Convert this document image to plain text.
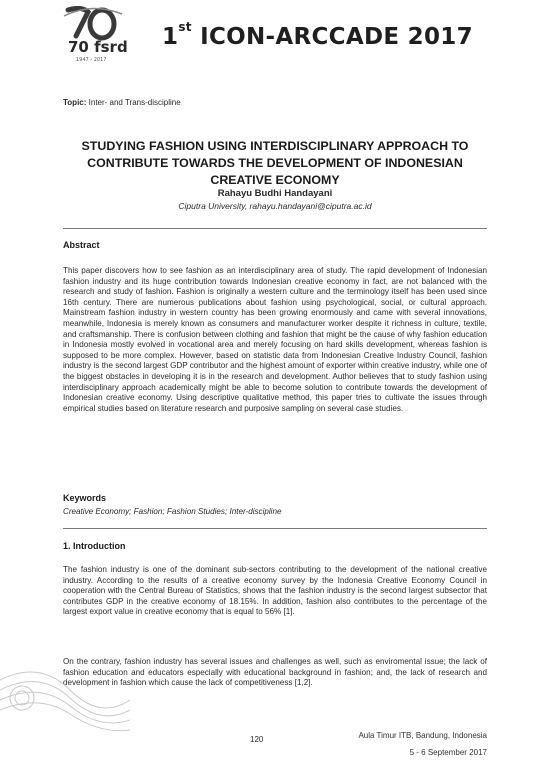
70 fsrd
1947 - 2017
1st ICON-ARCCADE 2017
Topic: Inter- and Trans-discipline
STUDYING FASHION USING INTERDISCIPLINARY APPROACH TO
CONTRIBUTE TOWARDS THE DEVELOPMENT OF INDONESIAN
CREATIVE ECONOMY
Rahayu Budhi Handayani
Ciputra University, rahayu.handayani@ciputra.ac.id
Abstract

This paper discovers how to see fashion as an interdisciplinary area of study. The rapid development of Indonesian fashion industry and its huge contribution towards Indonesian creative economy in fact, are not balanced with the research and study of fashion. Fashion is originally a western culture and the terminology itself has been used since 16th century. There are numerous publications about fashion using psychological, social, or cultural approach. Mainstream fashion industry in western country has been growing enormously and came with several innovations, meanwhile, Indonesia is merely known as consumers and manufacturer worker despite it richness in culture, textile, and craftsmanship. There is confusion between clothing and fashion that might be the cause of why fashion education in Indonesia mostly evolved in vocational area and merely focusing on hard skills development, whereas fashion is supposed to be more complex. However, based on statistic data from Indonesian Creative Industry Council, fashion industry is the second largest GDP contributor and the highest amount of exporter within creative industry, while one of the biggest obstacles in developing it is in the research and development. Author believes that to study fashion using interdisciplinary approach academically might be able to become solution to contribute towards the development of Indonesian creative economy. Using descriptive qualitative method, this paper tries to cultivate the issues through empirical studies based on literature research and purposive sampling on several case studies.

Keywords
Creative Economy; Fashion; Fashion Studies; Inter-discipline
1. Introduction

The fashion industry is one of the dominant sub-sectors contributing to the development of the national creative industry. According to the results of a creative economy survey by the Indonesia Creative Economy Council in cooperation with the Central Bureau of Statistics, shows that the fashion industry is the second largest subsector that contributes GDP in the creative economy of 18.15%. In addition, fashion also contributes to the percentage of the largest export value in creative economy that is equal to 56% [1].

On the contrary, fashion industry has several issues and challenges as well, such as enviromental issue; the lack of fashion education and educators especially with educational background in fashion; and, the lack of research and development in fashion which cause the lack of competitiveness [1,2].

120	Aula Timur ITB, Bandung, Indonesia
5 - 6 September 2017
